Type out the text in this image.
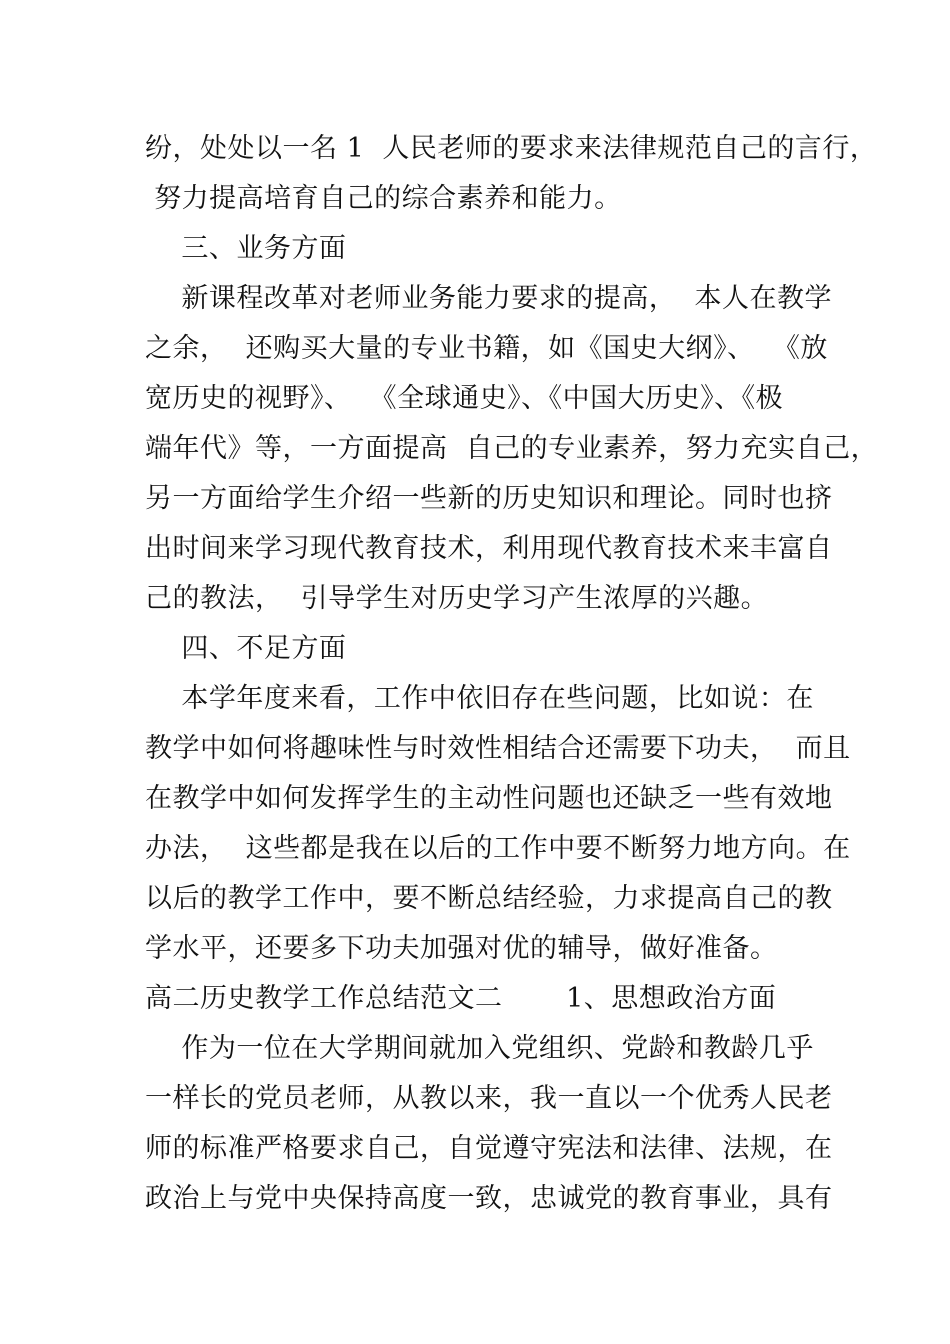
纷，处处以一名 1  人民老师的要求来法律规范自己的言行，
努力提高培育自己的综合素养和能力。
三、业务方面
新课程改革对老师业务能力要求的提高，  本人在教学
之余，  还购买大量的专业书籍，如《国史大纲》、  《放
宽历史的视野》、  《全球通史》、《中国大历史》、《极
端年代》等，一方面提高  自己的专业素养，努力充实自己，
另一方面给学生介绍一些新的历史知识和理论。同时也挤
出时间来学习现代教育技术，利用现代教育技术来丰富自
己的教法，  引导学生对历史学习产生浓厚的兴趣。
四、不足方面
本学年度来看，工作中依旧存在些问题，比如说：在
教学中如何将趣味性与时效性相结合还需要下功夫，  而且
在教学中如何发挥学生的主动性问题也还缺乏一些有效地
办法，  这些都是我在以后的工作中要不断努力地方向。在
以后的教学工作中，要不断总结经验，力求提高自己的教
学水平，还要多下功夫加强对优的辅导，做好准备。
高二历史教学工作总结范文二       1、思想政治方面
作为一位在大学期间就加入党组织、党龄和教龄几乎
一样长的党员老师，从教以来，我一直以一个优秀人民老
师的标准严格要求自己，自觉遵守宪法和法律、法规，在
政治上与党中央保持高度一致，忠诚党的教育事业，具有
